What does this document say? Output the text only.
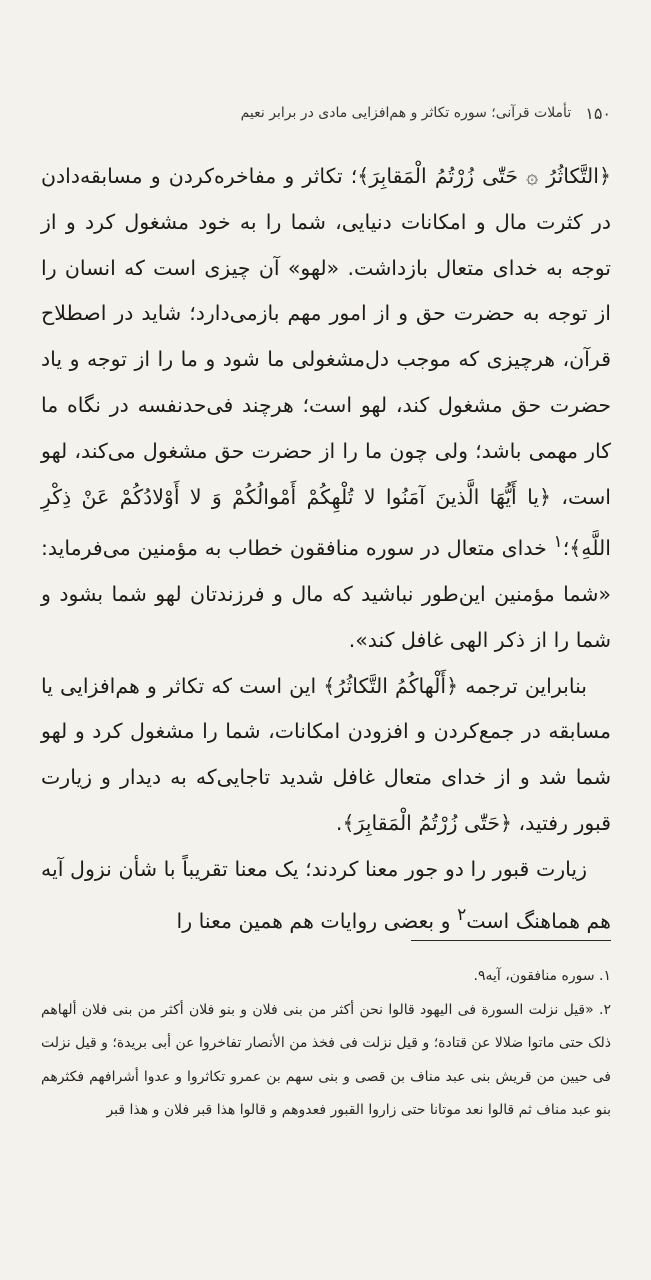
۱۵۰
تأملات قرآنی؛ سوره تکاثر و هم‌افزایی مادی در برابر نعیم

﴿التَّكاثُرُ ۞ حَتّٰى زُرْتُمُ الْمَقابِرَ﴾؛ تکاثر و مفاخره‌کردن و مسابقه‌دادن در کثرت مال و امکانات دنیایی، شما را به خود مشغول کرد و از توجه به خدای متعال بازداشت. «لهو» آن چیزی است که انسان را از توجه به حضرت حق و از امور مهم بازمی‌دارد؛ شاید در اصطلاح قرآن، هرچیزی که موجب دل‌مشغولی ما شود و ما را از توجه و یاد حضرت حق مشغول کند، لهو است؛ هرچند فی‌حدنفسه در نگاه ما کار مهمی باشد؛ ولی چون ما را از حضرت حق مشغول می‌کند، لهو است، ﴿يا أَيُّهَا الَّذينَ آمَنُوا لا تُلْهِكُمْ أَمْوالُكُمْ وَ لا أَوْلادُكُمْ عَنْ ذِكْرِ اللَّهِ﴾؛$^۱$ خدای متعال در سوره منافقون خطاب به مؤمنین می‌فرماید: «شما مؤمنین این‌طور نباشید که مال و فرزندتان لهو شما بشود و شما را از ذکر الهی غافل کند».

بنابراین ترجمه ﴿أَلْهاكُمُ التَّكاثُرُ﴾ این است که تکاثر و هم‌افزایی یا مسابقه در جمع‌کردن و افزودن امکانات، شما را مشغول کرد و لهو شما شد و از خدای متعال غافل شدید تاجایی‌که به دیدار و زیارت قبور رفتید، ﴿حَتّٰى زُرْتُمُ الْمَقابِرَ﴾.

زیارت قبور را دو جور معنا کردند؛ یک معنا تقریباً با شأن نزول آیه هم هماهنگ است$^۲$ و بعضی روایات هم همین معنا را

۱. سوره منافقون، آیه۹.

۲. «قیل نزلت السورة فی الیهود قالوا نحن أکثر من بنی فلان و بنو فلان أکثر من بنی فلان ألهاهم ذلک حتی ماتوا ضلالا عن قتادة؛ و قیل نزلت فی فخذ من الأنصار تفاخروا عن أبی بریدة؛ و قیل نزلت فی حیین من قریش بنی عبد مناف بن قصی و بنی سهم بن عمرو تکاثروا و عدوا أشرافهم فکثرهم بنو عبد مناف ثم قالوا نعد موتانا حتی زاروا القبور فعدوهم و قالوا هذا قبر فلان و هذا قبر
